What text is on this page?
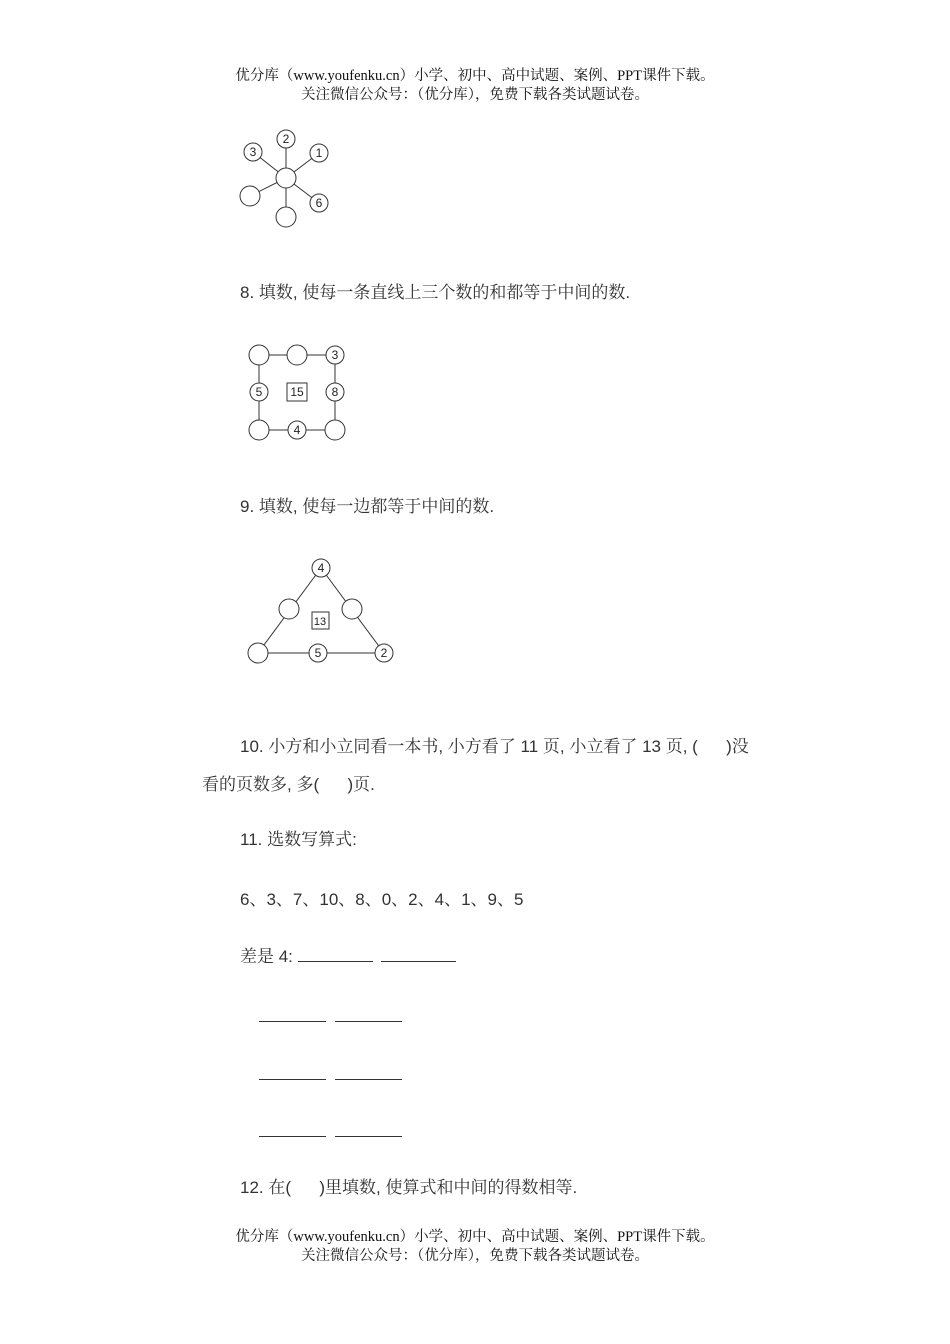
优分库（www.youfenku.cn）小学、初中、高中试题、案例、PPT课件下载。
关注微信公众号：（优分库），免费下载各类试题试卷。
3
2
1
6
8. 填数, 使每一条直线上三个数的和都等于中间的数.
3
5	8
4
15
9. 填数, 使每一边都等于中间的数.
4
5	2
13
10. 小方和小立同看一本书, 小方看了 11 页, 小立看了 13 页, (      )没
看的页数多, 多(      )页.
11. 选数写算式:
6、3、7、10、8、0、2、4、1、9、5
差是 4:

12. 在(      )里填数, 使算式和中间的得数相等.
优分库（www.youfenku.cn）小学、初中、高中试题、案例、PPT课件下载。
关注微信公众号：（优分库），免费下载各类试题试卷。
